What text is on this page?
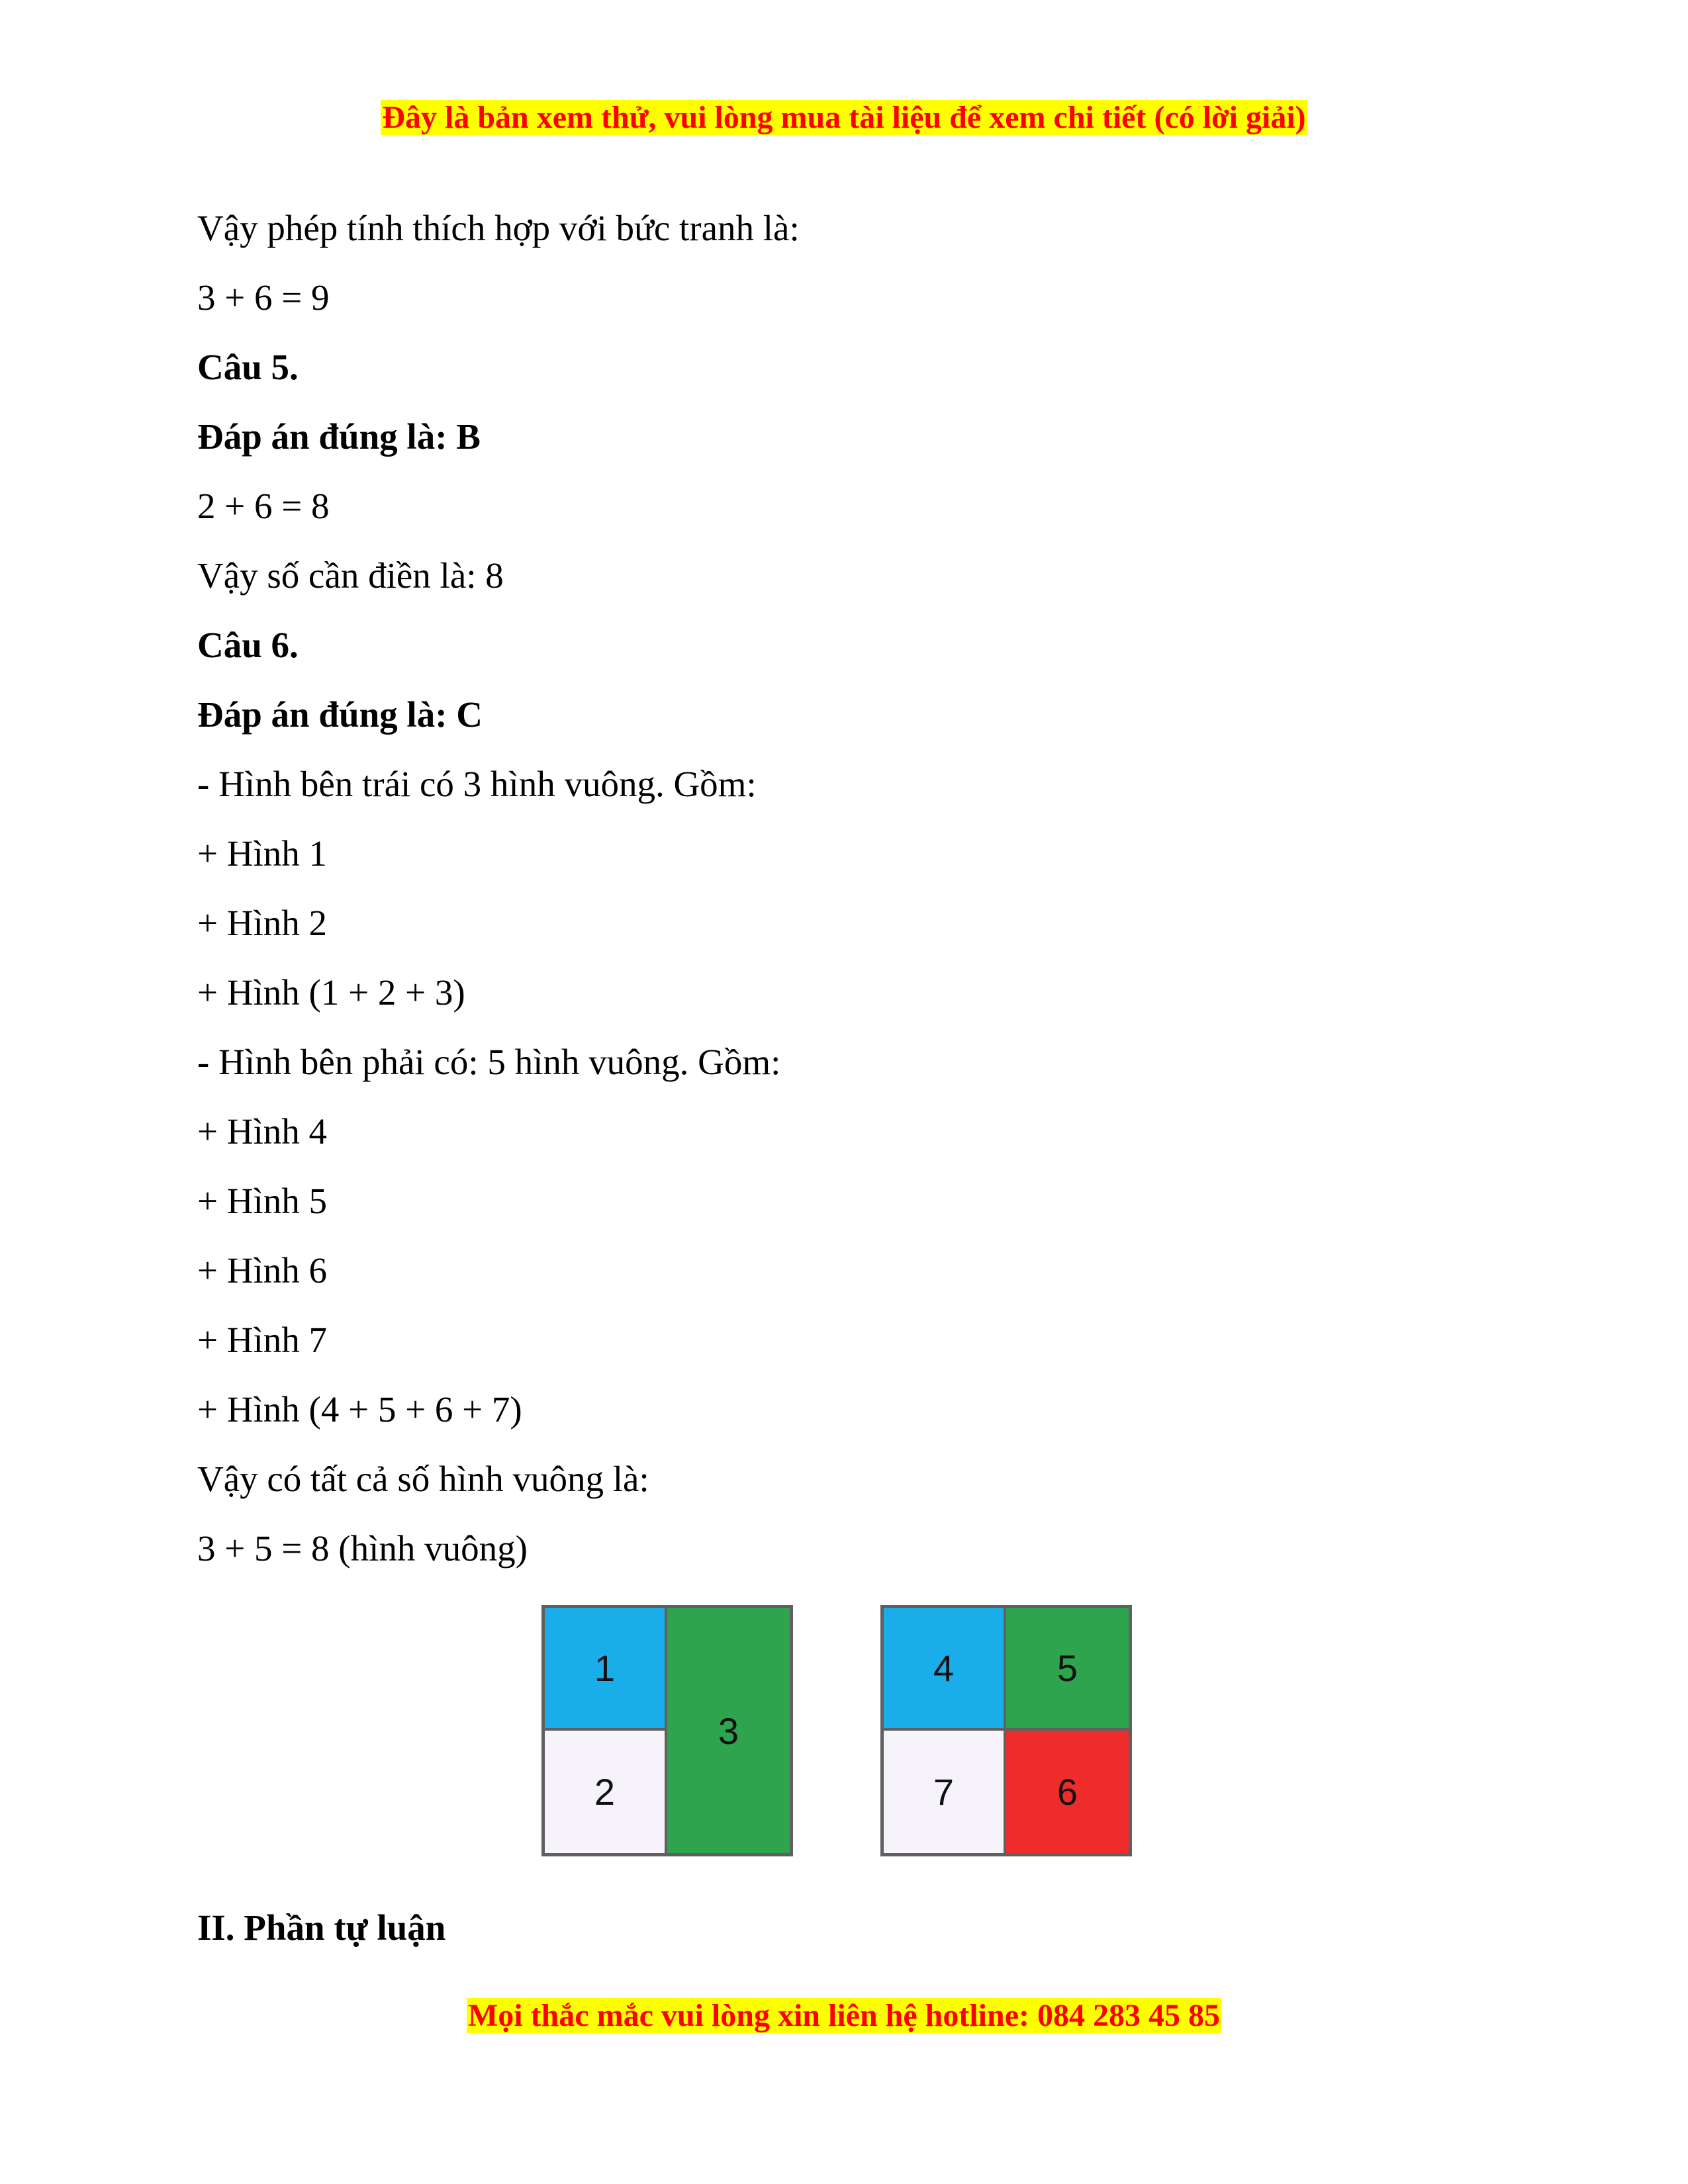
Đây là bản xem thử, vui lòng mua tài liệu để xem chi tiết (có lời giải)
Vậy phép tính thích hợp với bức tranh là:
3 + 6 = 9
Câu 5.
Đáp án đúng là: B
2 + 6 = 8
Vậy số cần điền là: 8
Câu 6.
Đáp án đúng là: C
- Hình bên trái có 3 hình vuông. Gồm:
+ Hình 1
+ Hình 2
+ Hình (1 + 2 + 3)
- Hình bên phải có: 5 hình vuông. Gồm:
+ Hình 4
+ Hình 5
+ Hình 6
+ Hình 7
+ Hình (4 + 5 + 6 + 7)
Vậy có tất cả số hình vuông là:
3 + 5 = 8 (hình vuông)
1
2
3
4	5
7	6
II. Phần tự luận
Mọi thắc mắc vui lòng xin liên hệ hotline: 084 283 45 85
